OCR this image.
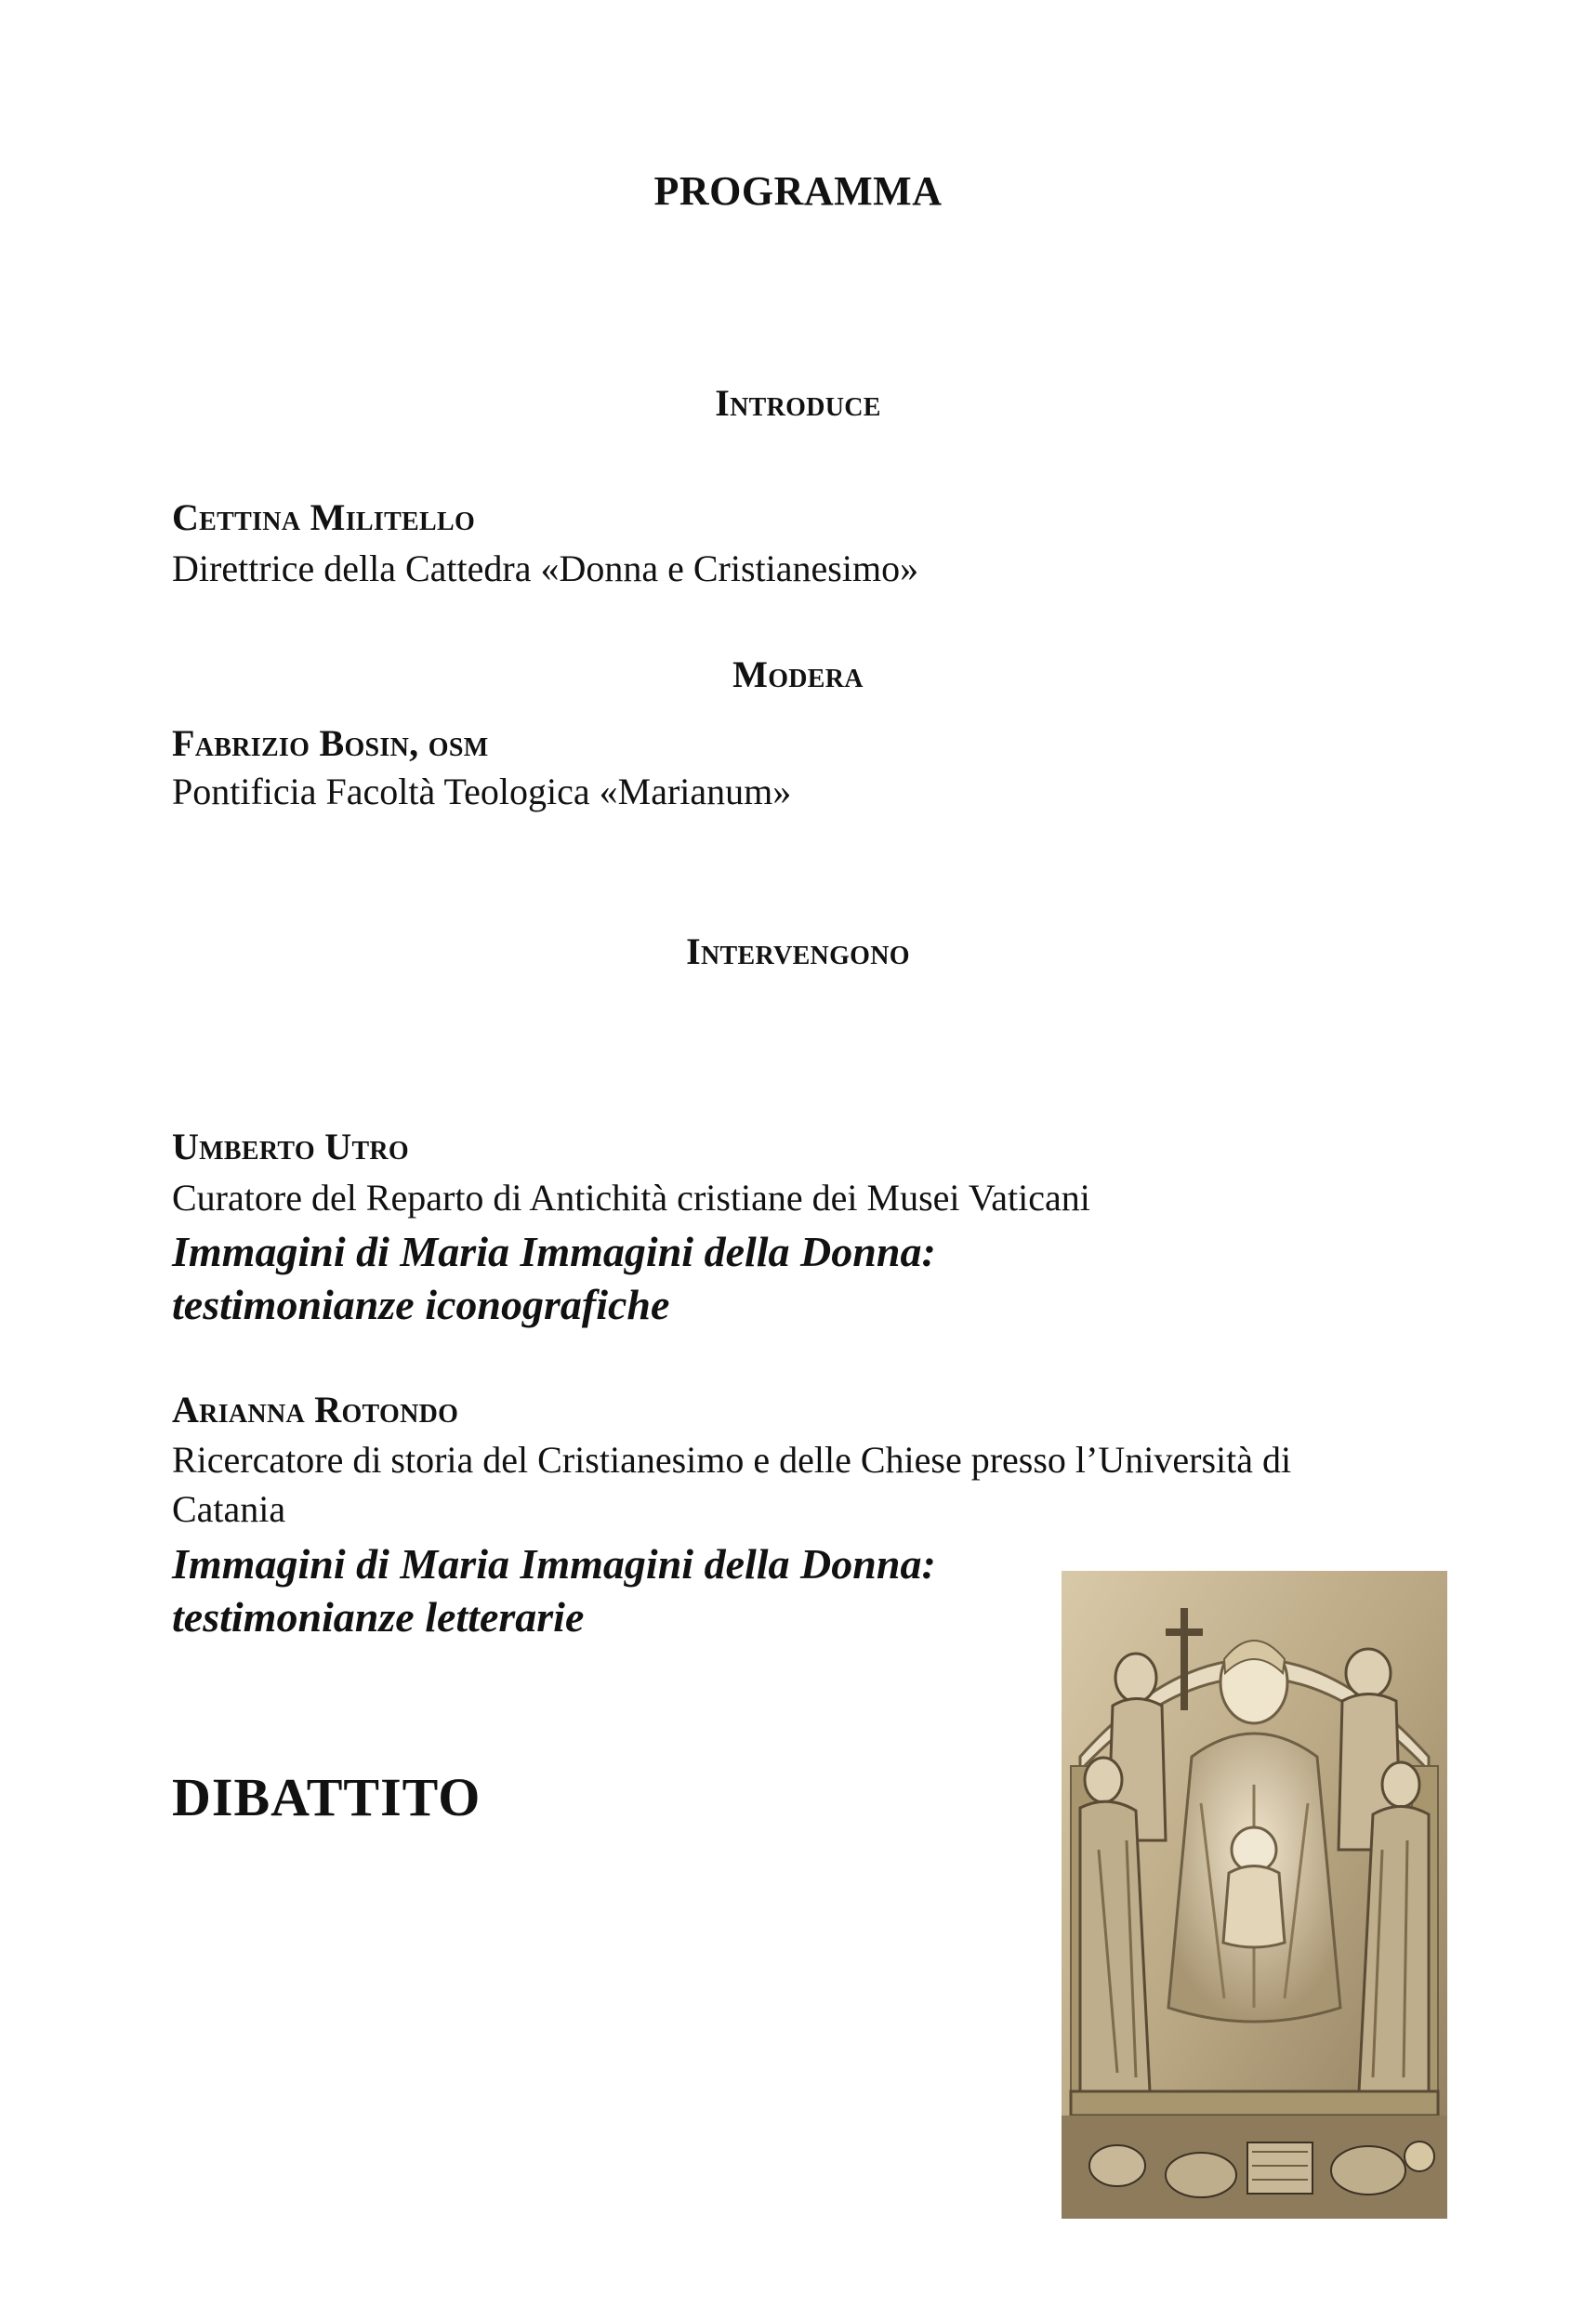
PROGRAMMA
Introduce
Cettina Militello
Direttrice della Cattedra «Donna e Cristianesimo»
Modera
Fabrizio Bosin, osm
Pontificia Facoltà Teologica «Marianum»
Intervengono
Umberto Utro
Curatore del Reparto di Antichità cristiane dei Musei Vaticani
Immagini di Maria Immagini della Donna:
testimonianze iconografiche
Arianna Rotondo
Ricercatore di storia del Cristianesimo e delle Chiese presso l’Università di
Catania
Immagini di Maria Immagini della Donna:
testimonianze letterarie
DIBATTITO
